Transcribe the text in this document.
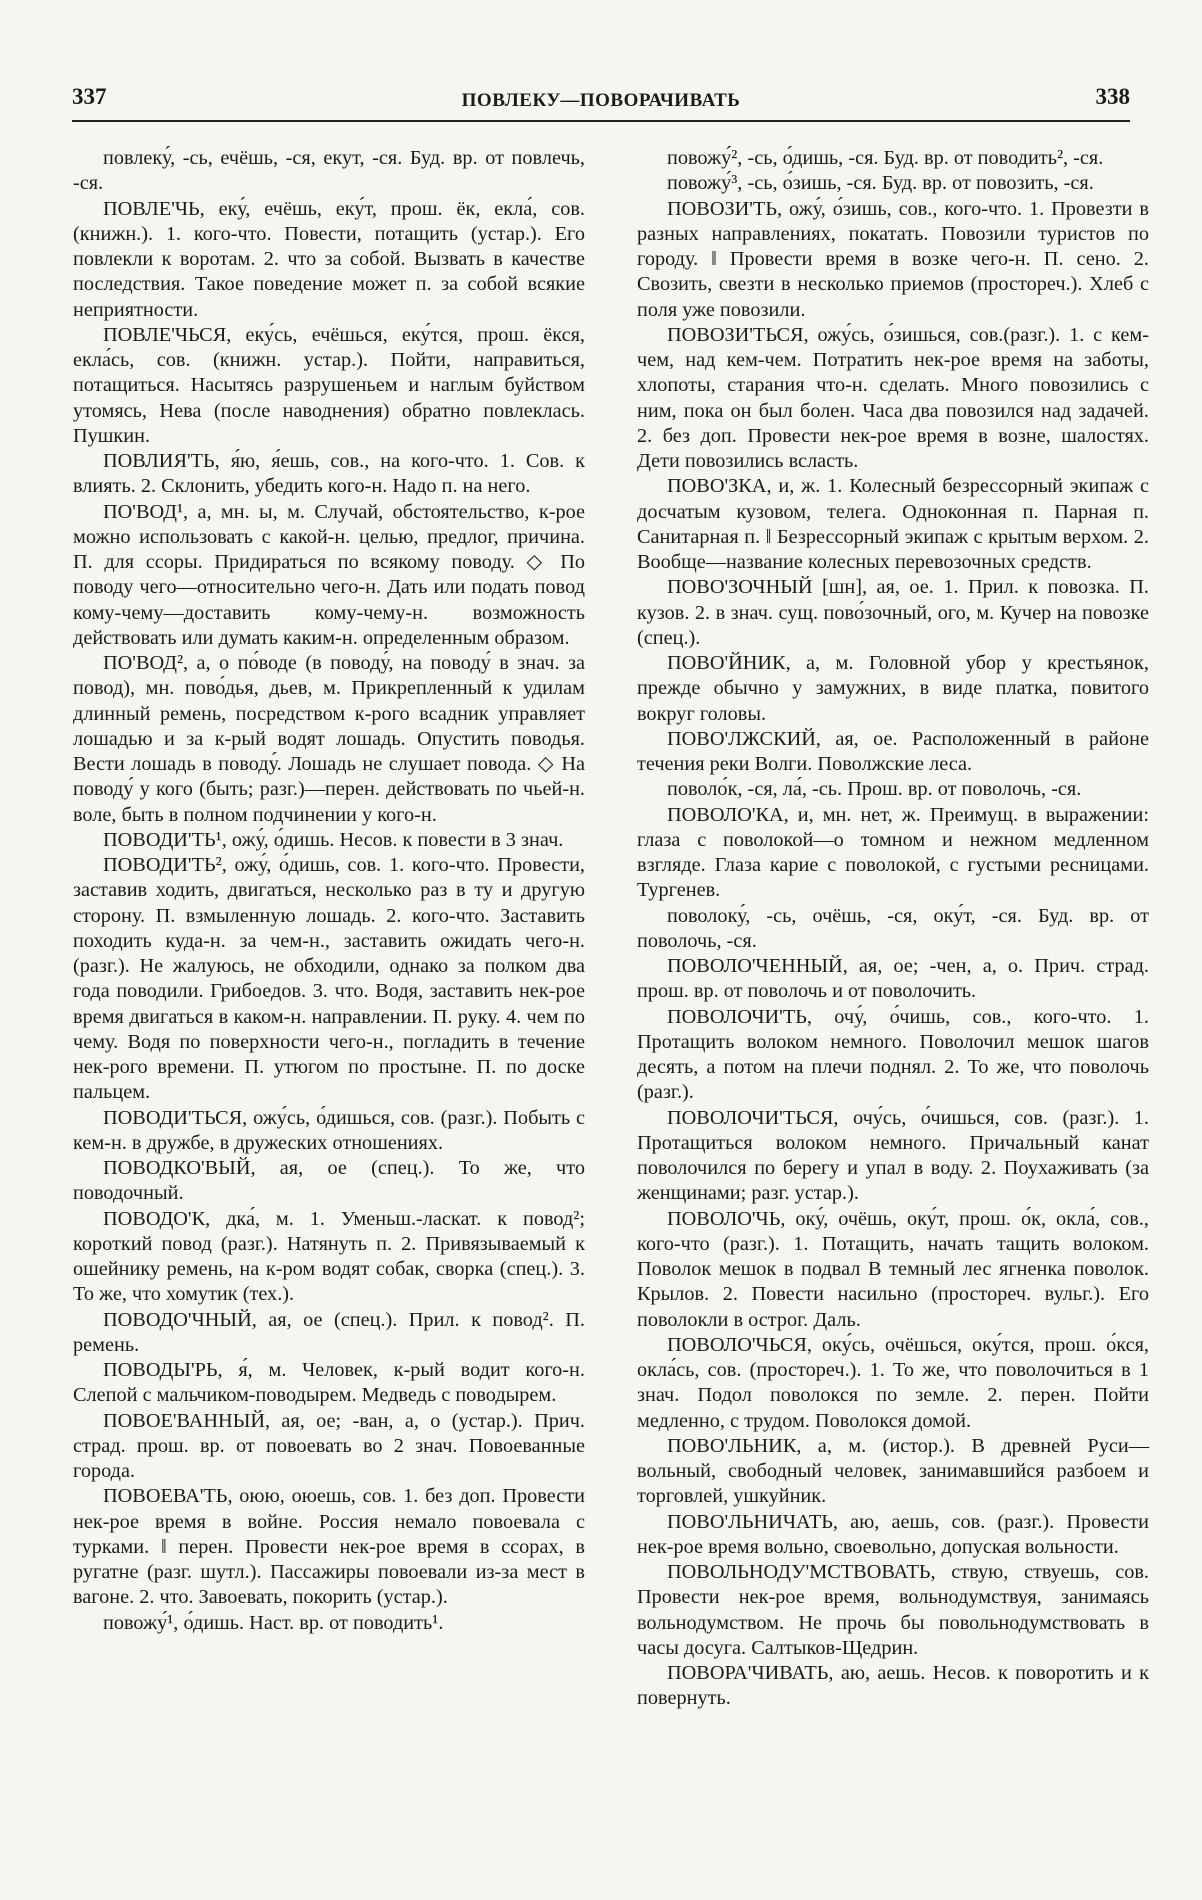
337	ПОВЛЕКУ—ПОВОРАЧИВАТЬ	338

повлеку́, -сь, ечёшь, -ся, екут, -ся. Буд. вр. от повлечь, -ся.

ПОВЛЕ'ЧЬ, еку́, ечёшь, еку́т, прош. ёк, екла́, сов. (книжн.). 1. кого-что. Повести, потащить (устар.). Его повлекли к воротам. 2. что за собой. Вызвать в качестве последствия. Такое поведение может п. за собой всякие неприятности.

ПОВЛЕ'ЧЬСЯ, еку́сь, ечёшься, еку́тся, прош. ёкся, екла́сь, сов. (книжн. устар.). Пойти, направиться, потащиться. Насытясь разрушеньем и наглым буйством утомясь, Нева (после наводнения) обратно повлеклась. Пушкин.

ПОВЛИЯ'ТЬ, я́ю, я́ешь, сов., на кого-что. 1. Сов. к влиять. 2. Склонить, убедить кого-н. Надо п. на него.

ПО'ВОД¹, а, мн. ы, м. Случай, обстоятельство, к-рое можно использовать с какой-н. целью, предлог, причина. П. для ссоры. Придираться по всякому поводу. ◇ По поводу чего—относительно чего-н. Дать или подать повод кому-чему—доставить кому-чему-н. возможность действовать или думать каким-н. определенным образом.

ПО'ВОД², а, о по́воде (в поводу́, на поводу́ в знач. за повод), мн. пово́дья, дьев, м. Прикрепленный к удилам длинный ремень, посредством к-рого всадник управляет лошадью и за к-рый водят лошадь. Опустить поводья. Вести лошадь в поводу́. Лошадь не слушает повода. ◇ На поводу́ у кого (быть; разг.)—перен. действовать по чьей-н. воле, быть в полном подчинении у кого-н.

ПОВОДИ'ТЬ¹, ожу́, о́дишь. Несов. к повести в 3 знач.

ПОВОДИ'ТЬ², ожу́, о́дишь, сов. 1. кого-что. Провести, заставив ходить, двигаться, несколько раз в ту и другую сторону. П. взмыленную лошадь. 2. кого-что. Заставить походить куда-н. за чем-н., заставить ожидать чего-н. (разг.). Не жалуюсь, не обходили, однако за полком два года поводили. Грибоедов. 3. что. Водя, заставить нек-рое время двигаться в каком-н. направлении. П. руку. 4. чем по чему. Водя по поверхности чего-н., погладить в течение нек-рого времени. П. утюгом по простыне. П. по доске пальцем.

ПОВОДИ'ТЬСЯ, ожу́сь, о́дишься, сов. (разг.). Побыть с кем-н. в дружбе, в дружеских отношениях.

ПОВОДКО'ВЫЙ, ая, ое (спец.). То же, что поводочный.

ПОВОДО'К, дка́, м. 1. Уменьш.-ласкат. к повод²; короткий повод (разг.). Натянуть п. 2. Привязываемый к ошейнику ремень, на к-ром водят собак, сворка (спец.). 3. То же, что хомутик (тех.).

ПОВОДО'ЧНЫЙ, ая, ое (спец.). Прил. к повод². П. ремень.

ПОВОДЫ'РЬ, я́, м. Человек, к-рый водит кого-н. Слепой с мальчиком-поводырем. Медведь с поводырем.

ПОВОЕ'ВАННЫЙ, ая, ое; -ван, а, о (устар.). Прич. страд. прош. вр. от повоевать во 2 знач. Повоеванные города.

ПОВОЕВА'ТЬ, оюю, оюешь, сов. 1. без доп. Провести нек-рое время в войне. Россия немало повоевала с турками. ‖ перен. Провести нек-рое время в ссорах, в ругатне (разг. шутл.). Пассажиры повоевали из-за мест в вагоне. 2. что. Завоевать, покорить (устар.).

повожу́¹, о́дишь. Наст. вр. от поводить¹.

повожу́², -сь, о́дишь, -ся. Буд. вр. от поводить², -ся.

повожу́³, -сь, о́зишь, -ся. Буд. вр. от повозить, -ся.

ПОВОЗИ'ТЬ, ожу́, о́зишь, сов., кого-что. 1. Провезти в разных направлениях, покатать. Повозили туристов по городу. ‖ Провести время в возке чего-н. П. сено. 2. Свозить, свезти в несколько приемов (простореч.). Хлеб с поля уже повозили.

ПОВОЗИ'ТЬСЯ, ожу́сь, о́зишься, сов.(разг.). 1. с кем-чем, над кем-чем. Потратить нек-рое время на заботы, хлопоты, старания что-н. сделать. Много повозились с ним, пока он был болен. Часа два повозился над задачей. 2. без доп. Провести нек-рое время в возне, шалостях. Дети повозились всласть.

ПОВО'ЗКА, и, ж. 1. Колесный безрессорный экипаж с досчатым кузовом, телега. Одноконная п. Парная п. Санитарная п. ‖ Безрессорный экипаж с крытым верхом. 2. Вообще—название колесных перевозочных средств.

ПОВО'ЗОЧНЫЙ [шн], ая, ое. 1. Прил. к повозка. П. кузов. 2. в знач. сущ. пово́зочный, ого, м. Кучер на повозке (спец.).

ПОВО'ЙНИК, а, м. Головной убор у крестьянок, прежде обычно у замужних, в виде платка, повитого вокруг головы.

ПОВО'ЛЖСКИЙ, ая, ое. Расположенный в районе течения реки Волги. Поволжские леса.

поволо́к, -ся, ла́, -сь. Прош. вр. от поволочь, -ся.

ПОВОЛО'КА, и, мн. нет, ж. Преимущ. в выражении: глаза с поволокой—о томном и нежном медленном взгляде. Глаза карие с поволокой, с густыми ресницами. Тургенев.

поволоку́, -сь, очёшь, -ся, оку́т, -ся. Буд. вр. от поволочь, -ся.

ПОВОЛО'ЧЕННЫЙ, ая, ое; -чен, а, о. Прич. страд. прош. вр. от поволочь и от поволочить.

ПОВОЛОЧИ'ТЬ, очу́, о́чишь, сов., кого-что. 1. Протащить волоком немного. Поволочил мешок шагов десять, а потом на плечи поднял. 2. То же, что поволочь (разг.).

ПОВОЛОЧИ'ТЬСЯ, очу́сь, о́чишься, сов. (разг.). 1. Протащиться волоком немного. Причальный канат поволочился по берегу и упал в воду. 2. Поухаживать (за женщинами; разг. устар.).

ПОВОЛО'ЧЬ, оку́, очёшь, оку́т, прош. о́к, окла́, сов., кого-что (разг.). 1. Потащить, начать тащить волоком. Поволок мешок в подвал В темный лес ягненка поволок. Крылов. 2. Повести насильно (простореч. вульг.). Его поволокли в острог. Даль.

ПОВОЛО'ЧЬСЯ, оку́сь, очёшься, оку́тся, прош. о́кся, окла́сь, сов. (простореч.). 1. То же, что поволочиться в 1 знач. Подол поволокся по земле. 2. перен. Пойти медленно, с трудом. Поволокся домой.

ПОВО'ЛЬНИК, а, м. (истор.). В древней Руси—вольный, свободный человек, занимавшийся разбоем и торговлей, ушкуйник.

ПОВО'ЛЬНИЧАТЬ, аю, аешь, сов. (разг.). Провести нек-рое время вольно, своевольно, допуская вольности.

ПОВОЛЬНОДУ'МСТВОВАТЬ, ствую, ствуешь, сов. Провести нек-рое время, вольнодумствуя, занимаясь вольнодумством. Не прочь бы повольнодумствовать в часы досуга. Салтыков-Щедрин.

ПОВОРА'ЧИВАТЬ, аю, аешь. Несов. к поворотить и к повернуть.
